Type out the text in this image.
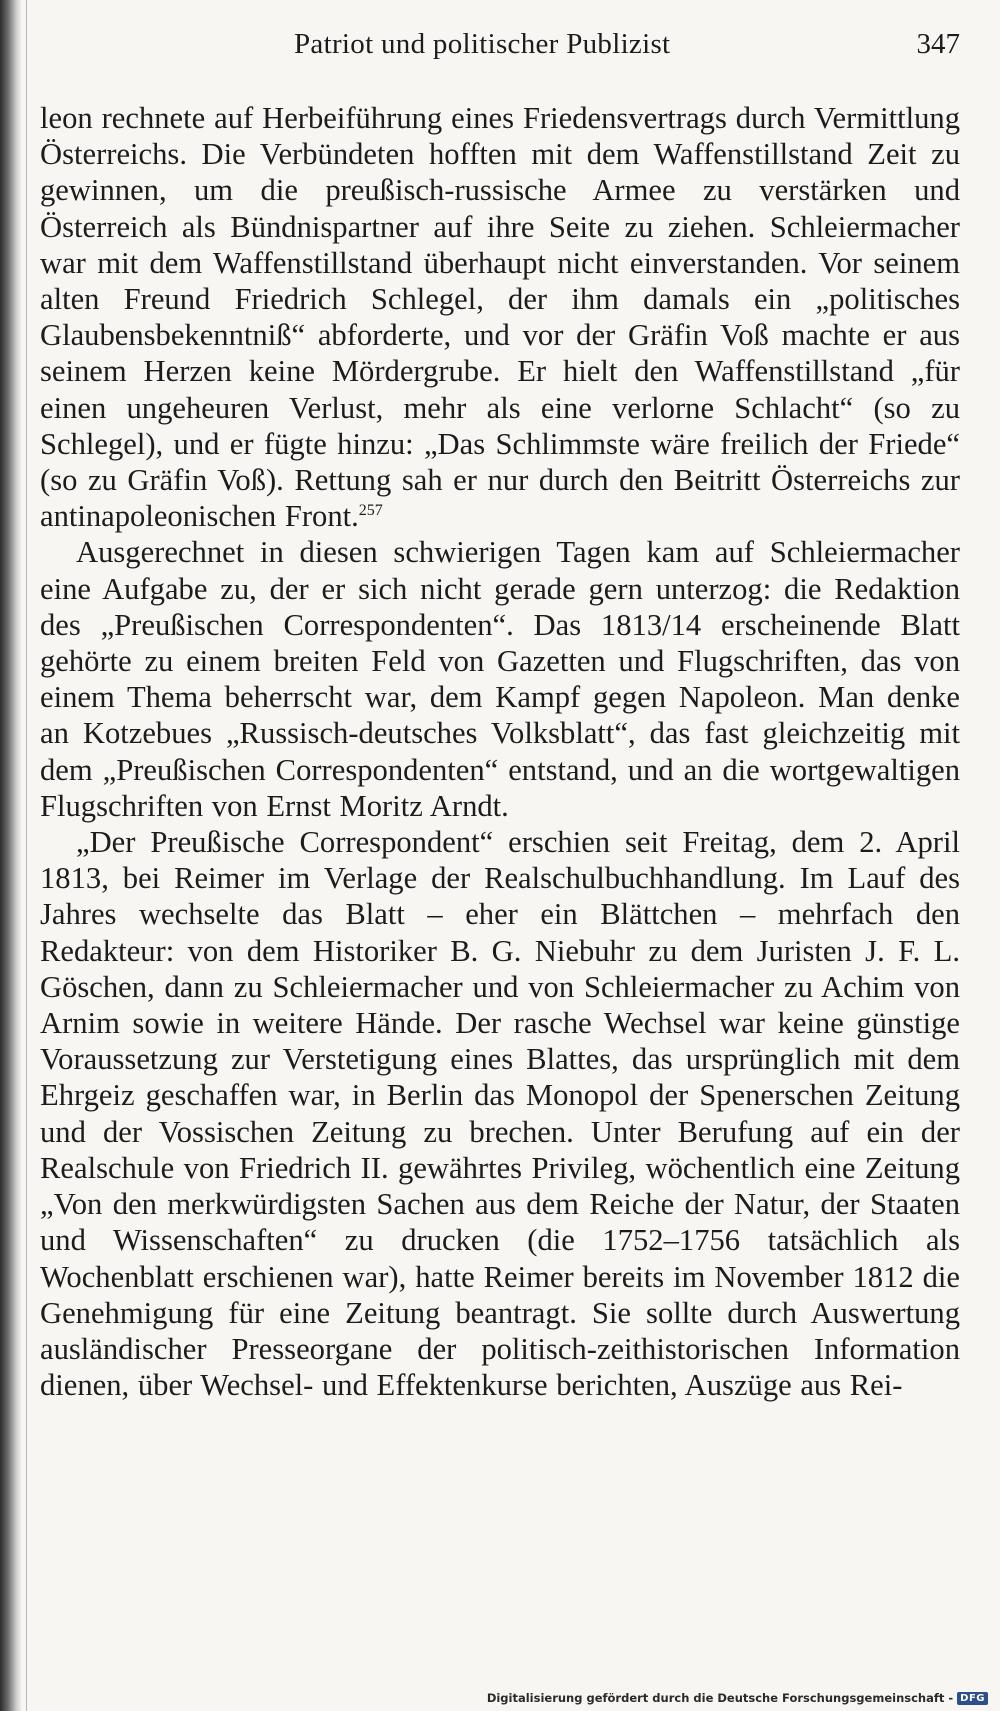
Patriot und politischer Publizist	347

leon rechnete auf Herbeiführung eines Friedensvertrags durch Vermittlung Österreichs. Die Verbündeten hofften mit dem Waffenstillstand Zeit zu gewinnen, um die preußisch-russische Armee zu verstärken und Österreich als Bündnispartner auf ihre Seite zu ziehen. Schleiermacher war mit dem Waffenstillstand überhaupt nicht einverstanden. Vor seinem alten Freund Friedrich Schlegel, der ihm damals ein „politisches Glaubensbekenntniß“ abforderte, und vor der Gräfin Voß machte er aus seinem Herzen keine Mördergrube. Er hielt den Waffenstillstand „für einen ungeheuren Verlust, mehr als eine verlorne Schlacht“ (so zu Schlegel), und er fügte hinzu: „Das Schlimmste wäre freilich der Friede“ (so zu Gräfin Voß). Rettung sah er nur durch den Beitritt Österreichs zur antinapoleonischen Front.$^{257}$

Ausgerechnet in diesen schwierigen Tagen kam auf Schleiermacher eine Aufgabe zu, der er sich nicht gerade gern unterzog: die Redaktion des „Preußischen Correspondenten“. Das 1813/14 erscheinende Blatt gehörte zu einem breiten Feld von Gazetten und Flugschriften, das von einem Thema beherrscht war, dem Kampf gegen Napoleon. Man denke an Kotzebues „Russisch-deutsches Volksblatt“, das fast gleichzeitig mit dem „Preußischen Correspondenten“ entstand, und an die wortgewaltigen Flugschriften von Ernst Moritz Arndt.

„Der Preußische Correspondent“ erschien seit Freitag, dem 2. April 1813, bei Reimer im Verlage der Realschulbuchhandlung. Im Lauf des Jahres wechselte das Blatt – eher ein Blättchen – mehrfach den Redakteur: von dem Historiker B. G. Niebuhr zu dem Juristen J. F. L. Göschen, dann zu Schleiermacher und von Schleiermacher zu Achim von Arnim sowie in weitere Hände. Der rasche Wechsel war keine günstige Voraussetzung zur Verstetigung eines Blattes, das ursprünglich mit dem Ehrgeiz geschaffen war, in Berlin das Monopol der Spenerschen Zeitung und der Vossischen Zeitung zu brechen. Unter Berufung auf ein der Realschule von Friedrich II. gewährtes Privileg, wöchentlich eine Zeitung „Von den merkwürdigsten Sachen aus dem Reiche der Natur, der Staaten und Wissenschaften“ zu drucken (die 1752–1756 tatsächlich als Wochenblatt erschienen war), hatte Reimer bereits im November 1812 die Genehmigung für eine Zeitung beantragt. Sie sollte durch Auswertung ausländischer Presseorgane der politisch-zeithistorischen Information dienen, über Wechsel- und Effektenkurse berichten, Auszüge aus Rei-

Digitalisierung gefördert durch die Deutsche Forschungsgemeinschaft - DFG
